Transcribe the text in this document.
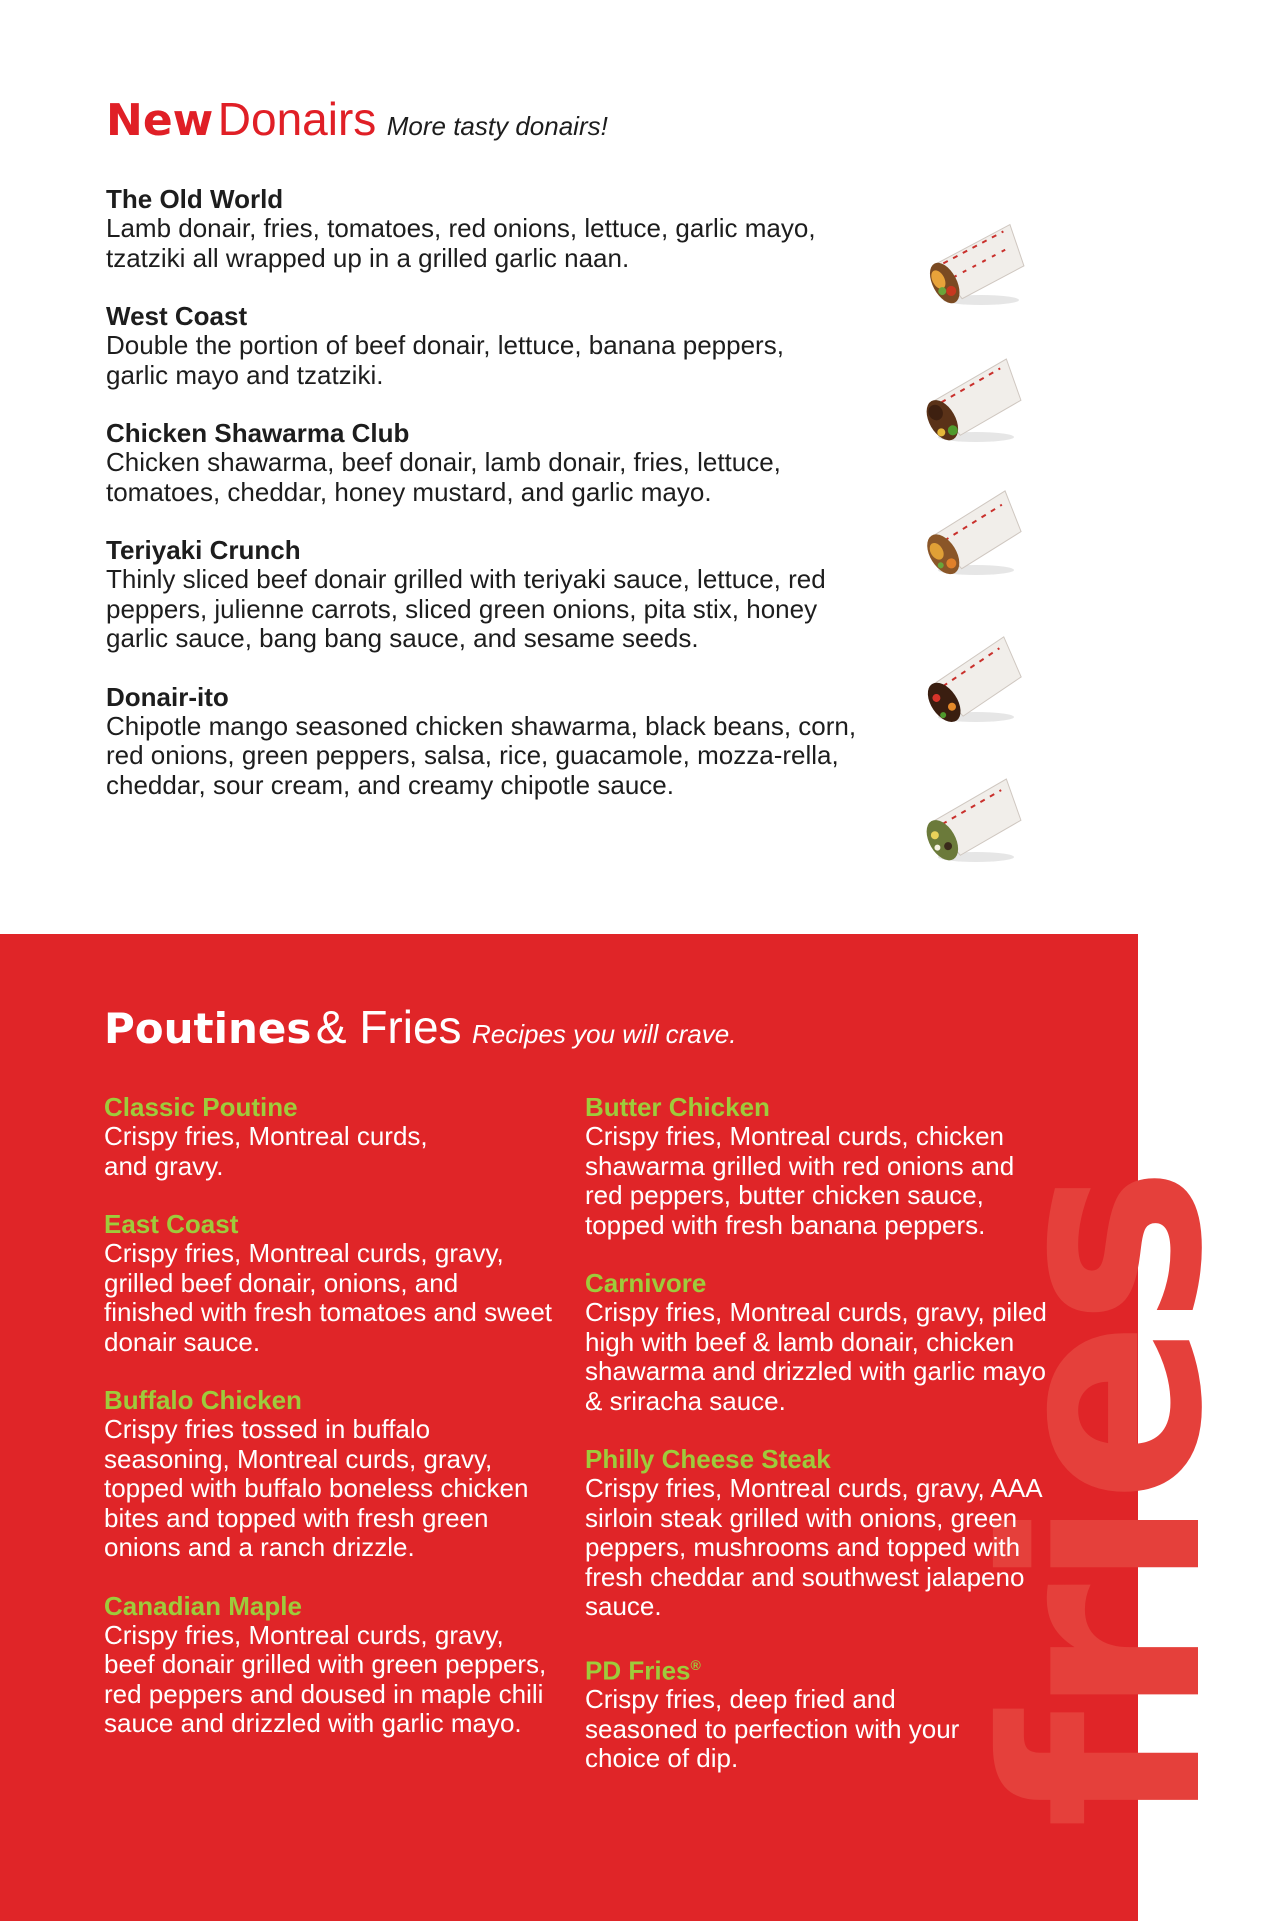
New Donairs More tasty donairs!
The Old World
Lamb donair, fries, tomatoes, red onions, lettuce, garlic mayo, tzatziki all wrapped up in a grilled garlic naan.
West Coast
Double the portion of beef donair, lettuce, banana peppers, garlic mayo and tzatziki.
Chicken Shawarma Club
Chicken shawarma, beef donair, lamb donair, fries, lettuce, tomatoes, cheddar, honey mustard, and garlic mayo.
Teriyaki Crunch
Thinly sliced beef donair grilled with teriyaki sauce, lettuce, red peppers, julienne carrots, sliced green onions, pita stix, honey garlic sauce, bang bang sauce, and sesame seeds.
Donair-ito
Chipotle mango seasoned chicken shawarma, black beans, corn, red onions, green peppers, salsa, rice, guacamole, mozza-rella, cheddar, sour cream, and creamy chipotle sauce.
fries
Poutines & Fries Recipes you will crave.
Classic Poutine
Crispy fries, Montreal curds, and gravy.
East Coast
Crispy fries, Montreal curds, gravy, grilled beef donair, onions, and finished with fresh tomatoes and sweet donair sauce.
Buffalo Chicken
Crispy fries tossed in buffalo seasoning, Montreal curds, gravy, topped with buffalo boneless chicken bites and topped with fresh green onions and a ranch drizzle.
Canadian Maple
Crispy fries, Montreal curds, gravy, beef donair grilled with green peppers, red peppers and doused in maple chili sauce and drizzled with garlic mayo.
Butter Chicken
Crispy fries, Montreal curds, chicken shawarma grilled with red onions and red peppers, butter chicken sauce, topped with fresh banana peppers.
Carnivore
Crispy fries, Montreal curds, gravy, piled high with beef & lamb donair, chicken shawarma and drizzled with garlic mayo & sriracha sauce.
Philly Cheese Steak
Crispy fries, Montreal curds, gravy, AAA sirloin steak grilled with onions, green peppers, mushrooms and topped with fresh cheddar and southwest jalapeno sauce.
PD Fries®
Crispy fries, deep fried and seasoned to perfection with your choice of dip.
